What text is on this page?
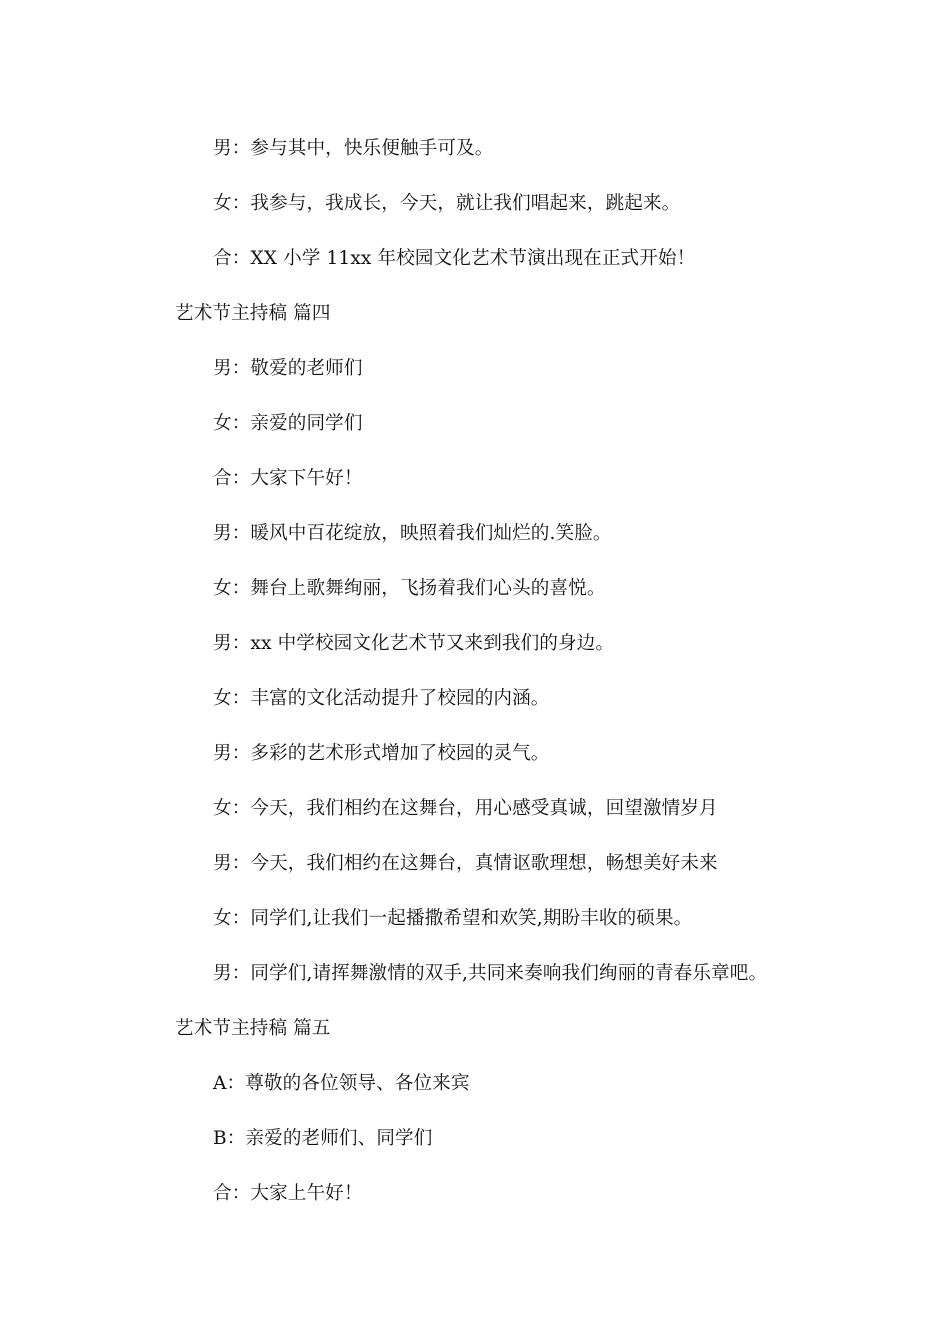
男：参与其中，快乐便触手可及。
女：我参与，我成长，今天，就让我们唱起来，跳起来。
合：XX 小学 11xx 年校园文化艺术节演出现在正式开始！
艺术节主持稿 篇四
男：敬爱的老师们
女：亲爱的同学们
合：大家下午好！
男：暖风中百花绽放，映照着我们灿烂的.笑脸。
女：舞台上歌舞绚丽，飞扬着我们心头的喜悦。
男：xx 中学校园文化艺术节又来到我们的身边。
女：丰富的文化活动提升了校园的内涵。
男：多彩的艺术形式增加了校园的灵气。
女：今天，我们相约在这舞台，用心感受真诚，回望激情岁月
男：今天，我们相约在这舞台，真情讴歌理想，畅想美好未来
女：同学们,让我们一起播撒希望和欢笑,期盼丰收的硕果。
男：同学们,请挥舞激情的双手,共同来奏响我们绚丽的青春乐章吧。
艺术节主持稿 篇五
A：尊敬的各位领导、各位来宾
B：亲爱的老师们、同学们
合：大家上午好！
